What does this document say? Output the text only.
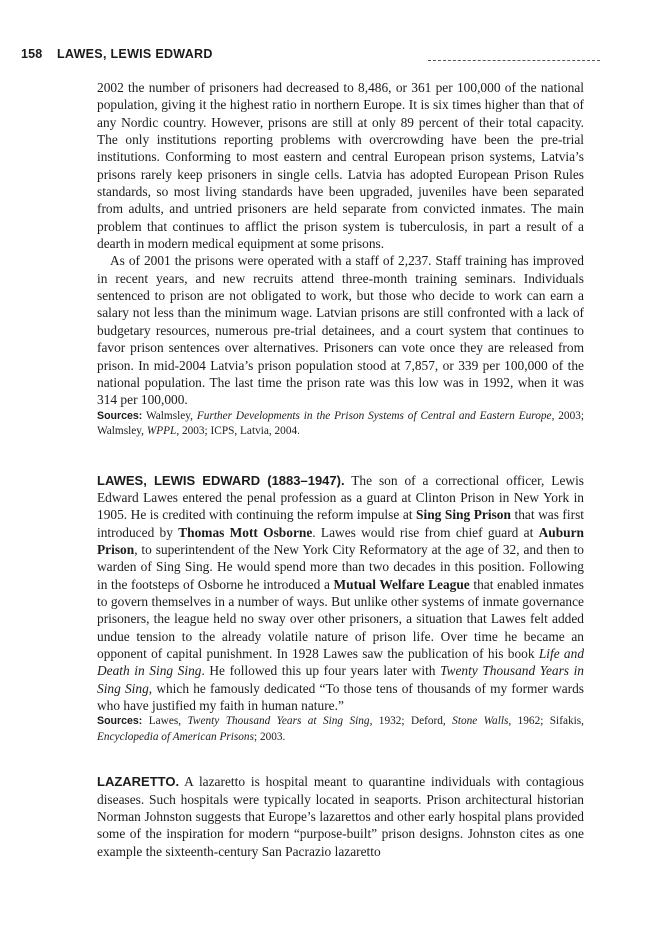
158 LAWES, LEWIS EDWARD

2002 the number of prisoners had decreased to 8,486, or 361 per 100,000 of the national population, giving it the highest ratio in northern Europe. It is six times higher than that of any Nordic country. However, prisons are still at only 89 percent of their total capacity. The only institutions reporting problems with overcrowding have been the pre-trial institutions. Conforming to most eastern and central European prison systems, Latvia’s prisons rarely keep prisoners in single cells. Latvia has adopted European Prison Rules standards, so most living standards have been upgraded, juveniles have been separated from adults, and untried prisoners are held separate from convicted inmates. The main problem that continues to afflict the prison system is tuberculosis, in part a result of a dearth in modern medical equipment at some prisons.

As of 2001 the prisons were operated with a staff of 2,237. Staff training has improved in recent years, and new recruits attend three-month training seminars. Individuals sentenced to prison are not obligated to work, but those who decide to work can earn a salary not less than the minimum wage. Latvian prisons are still confronted with a lack of budgetary resources, numerous pre-trial detainees, and a court system that continues to favor prison sentences over alternatives. Prisoners can vote once they are released from prison. In mid-2004 Latvia’s prison population stood at 7,857, or 339 per 100,000 of the national population. The last time the prison rate was this low was in 1992, when it was 314 per 100,000.

Sources: Walmsley, Further Developments in the Prison Systems of Central and Eastern Europe, 2003; Walmsley, WPPL, 2003; ICPS, Latvia, 2004.

LAWES, LEWIS EDWARD (1883–1947). The son of a correctional officer, Lewis Edward Lawes entered the penal profession as a guard at Clinton Prison in New York in 1905. He is credited with continuing the reform impulse at Sing Sing Prison that was first introduced by Thomas Mott Osborne. Lawes would rise from chief guard at Auburn Prison, to superintendent of the New York City Reformatory at the age of 32, and then to warden of Sing Sing. He would spend more than two decades in this position. Following in the footsteps of Osborne he introduced a Mutual Welfare League that enabled inmates to govern themselves in a number of ways. But unlike other systems of inmate governance prisoners, the league held no sway over other prisoners, a situation that Lawes felt added undue tension to the already volatile nature of prison life. Over time he became an opponent of capital punishment. In 1928 Lawes saw the publication of his book Life and Death in Sing Sing. He followed this up four years later with Twenty Thousand Years in Sing Sing, which he famously dedicated “To those tens of thousands of my former wards who have justified my faith in human nature.”

Sources: Lawes, Twenty Thousand Years at Sing Sing, 1932; Deford, Stone Walls, 1962; Sifakis, Encyclopedia of American Prisons; 2003.

LAZARETTO. A lazaretto is hospital meant to quarantine individuals with contagious diseases. Such hospitals were typically located in seaports. Prison architectural historian Norman Johnston suggests that Europe’s lazarettos and other early hospital plans provided some of the inspiration for modern “purpose-built” prison designs. Johnston cites as one example the sixteenth-century San Pacrazio lazaretto
